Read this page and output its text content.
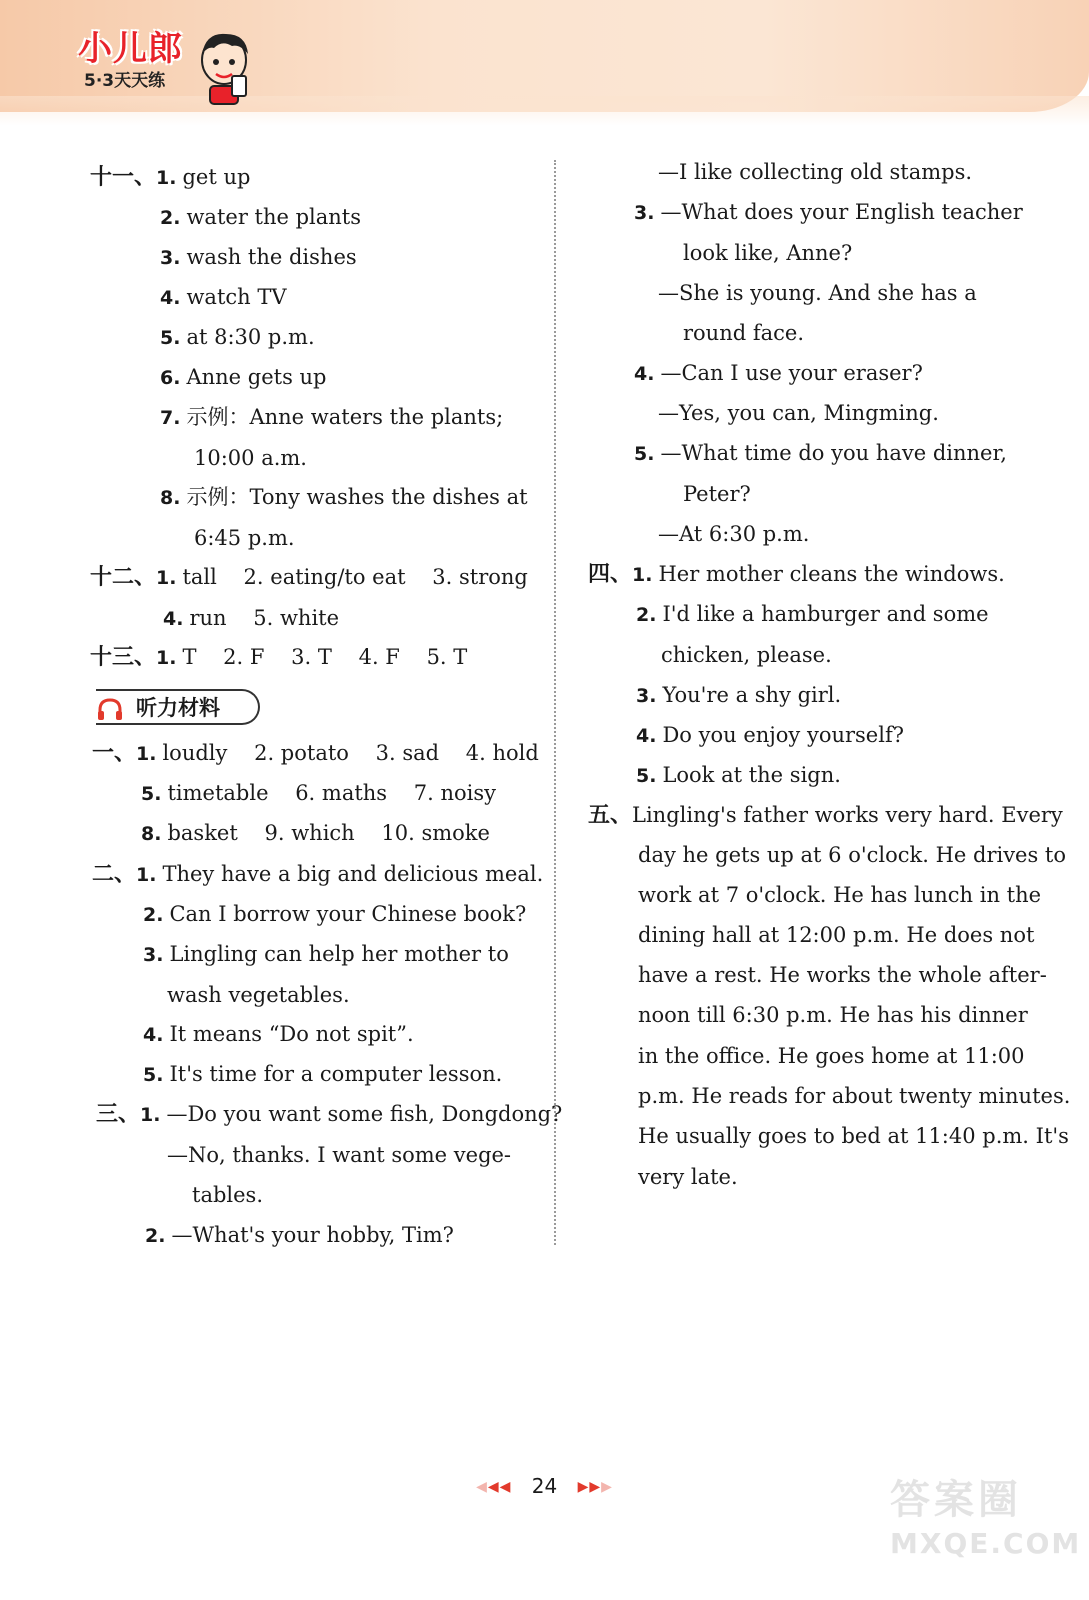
小儿郎
5·3天天练
十一、1. get up
2. water the plants
3. wash the dishes
4. watch TV
5. at 8:30 p.m.
6. Anne gets up
7. 示例：Anne waters the plants;
10:00 a.m.
8. 示例：Tony washes the dishes at
6:45 p.m.
十二、1. tall    2. eating/to eat    3. strong
4. run    5. white
十三、1. T    2. F    3. T    4. F    5. T
听力材料
一、1. loudly    2. potato    3. sad    4. hold
5. timetable    6. maths    7. noisy
8. basket    9. which    10. smoke
二、1. They have a big and delicious meal.
2. Can I borrow your Chinese book?
3. Lingling can help her mother to
wash vegetables.
4. It means “Do not spit”.
5. It's time for a computer lesson.
三、1. —Do you want some fish, Dongdong?
—No, thanks. I want some vege-
tables.
2. —What's your hobby, Tim?
—I like collecting old stamps.
3. —What does your English teacher
look like, Anne?
—She is young. And she has a
round face.
4. —Can I use your eraser?
—Yes, you can, Mingming.
5. —What time do you have dinner,
Peter?
—At 6:30 p.m.
四、1. Her mother cleans the windows.
2. I'd like a hamburger and some
chicken, please.
3. You're a shy girl.
4. Do you enjoy yourself?
5. Look at the sign.
五、Lingling's father works very hard. Every
day he gets up at 6 o'clock. He drives to
work at 7 o'clock. He has lunch in the
dining hall at 12:00 p.m. He does not
have a rest. He works the whole after-
noon till 6:30 p.m. He has his dinner
in the office. He goes home at 11:00
p.m. He reads for about twenty minutes.
He usually goes to bed at 11:40 p.m. It's
very late.
◀◀◀ 24 ▶▶▶	答案圈
MXQE.COM
